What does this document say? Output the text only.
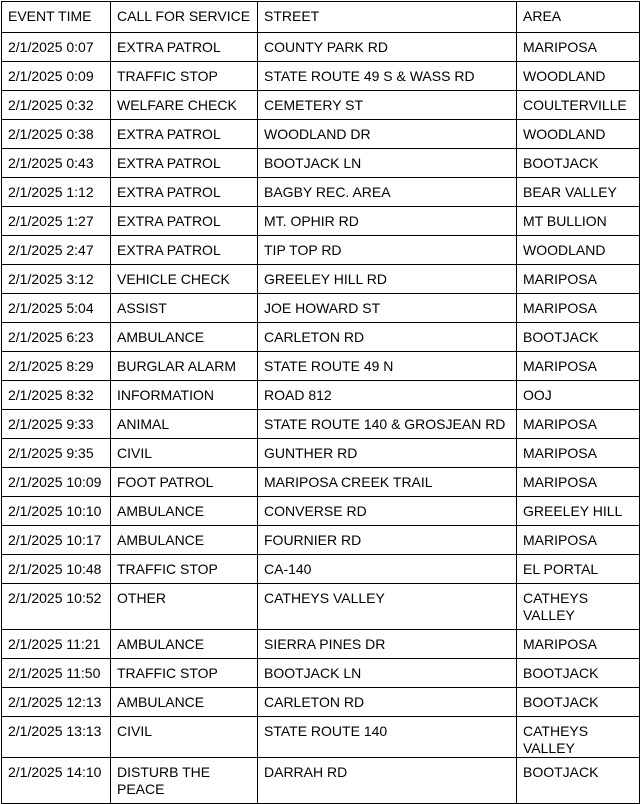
EVENT TIME	CALL FOR SERVICE	STREET	AREA
2/1/2025 0:07	EXTRA PATROL	COUNTY PARK RD	MARIPOSA
2/1/2025 0:09	TRAFFIC STOP	STATE ROUTE 49 S & WASS RD	WOODLAND
2/1/2025 0:32	WELFARE CHECK	CEMETERY ST	COULTERVILLE
2/1/2025 0:38	EXTRA PATROL	WOODLAND DR	WOODLAND
2/1/2025 0:43	EXTRA PATROL	BOOTJACK LN	BOOTJACK
2/1/2025 1:12	EXTRA PATROL	BAGBY REC. AREA	BEAR VALLEY
2/1/2025 1:27	EXTRA PATROL	MT. OPHIR RD	MT BULLION
2/1/2025 2:47	EXTRA PATROL	TIP TOP RD	WOODLAND
2/1/2025 3:12	VEHICLE CHECK	GREELEY HILL RD	MARIPOSA
2/1/2025 5:04	ASSIST	JOE HOWARD ST	MARIPOSA
2/1/2025 6:23	AMBULANCE	CARLETON RD	BOOTJACK
2/1/2025 8:29	BURGLAR ALARM	STATE ROUTE 49 N	MARIPOSA
2/1/2025 8:32	INFORMATION	ROAD 812	OOJ
2/1/2025 9:33	ANIMAL	STATE ROUTE 140 & GROSJEAN RD	MARIPOSA
2/1/2025 9:35	CIVIL	GUNTHER RD	MARIPOSA
2/1/2025 10:09	FOOT PATROL	MARIPOSA CREEK TRAIL	MARIPOSA
2/1/2025 10:10	AMBULANCE	CONVERSE RD	GREELEY HILL
2/1/2025 10:17	AMBULANCE	FOURNIER RD	MARIPOSA
2/1/2025 10:48	TRAFFIC STOP	CA-140	EL PORTAL
2/1/2025 10:52	OTHER	CATHEYS VALLEY	CATHEYS VALLEY
2/1/2025 11:21	AMBULANCE	SIERRA PINES DR	MARIPOSA
2/1/2025 11:50	TRAFFIC STOP	BOOTJACK LN	BOOTJACK
2/1/2025 12:13	AMBULANCE	CARLETON RD	BOOTJACK
2/1/2025 13:13	CIVIL	STATE ROUTE 140	CATHEYS VALLEY
2/1/2025 14:10	DISTURB THE PEACE	DARRAH RD	BOOTJACK
